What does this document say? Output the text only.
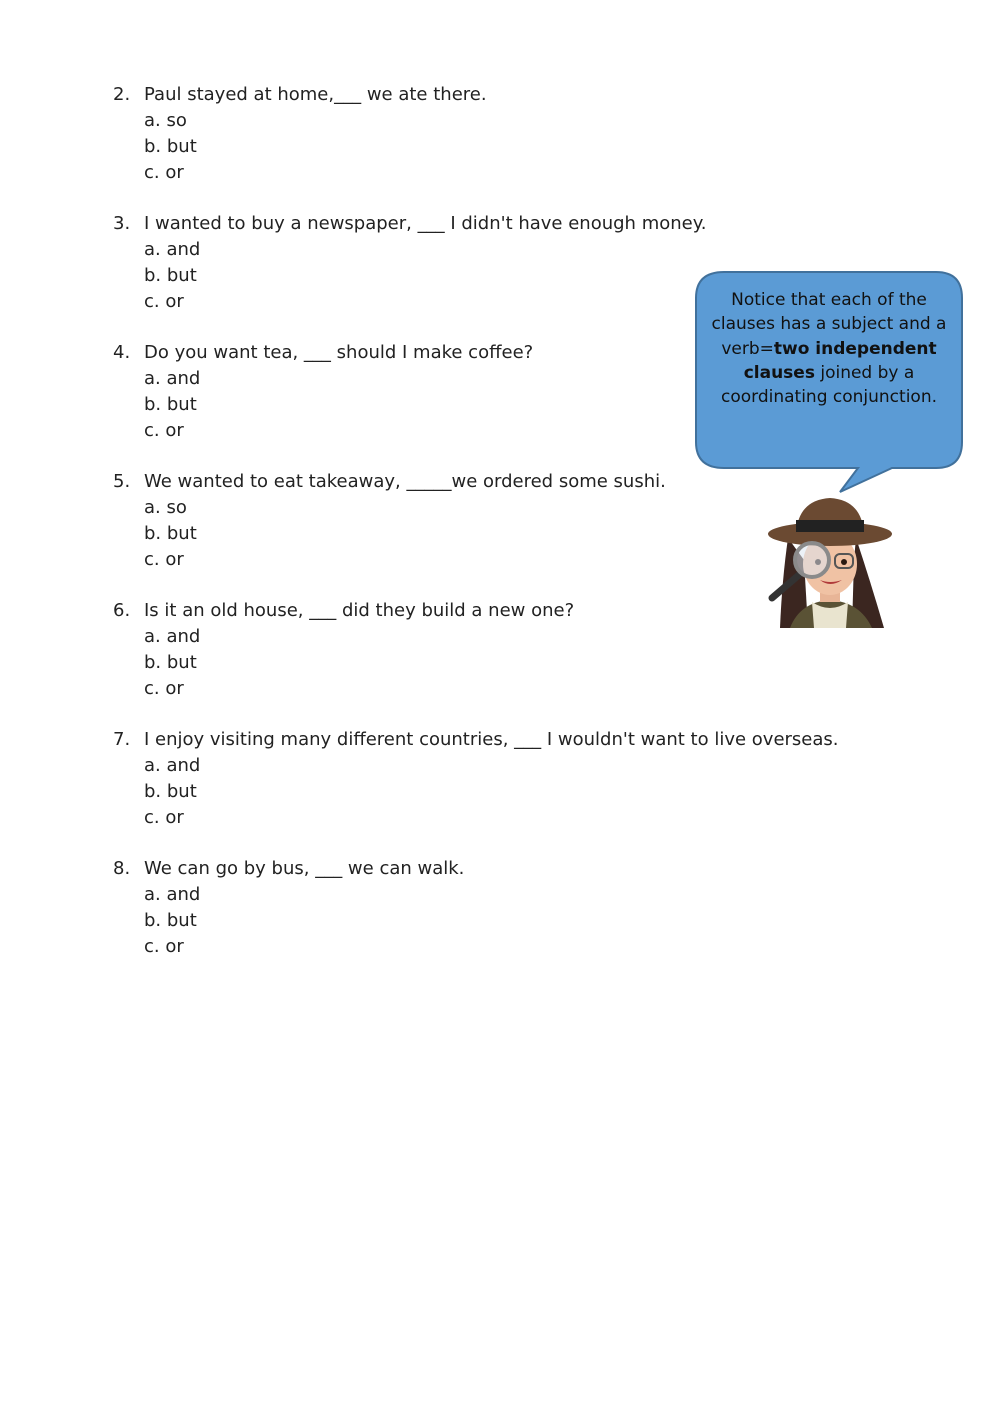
2. Paul stayed at home,___ we ate there.
a. so
b. but
c. or
3. I wanted to buy a newspaper, ___ I didn't have enough money.
a. and
b. but
c. or
4. Do you want tea, ___ should I make coffee?
a. and
b. but
c. or
5. We wanted to eat takeaway, _____we ordered some sushi.
a. so
b. but
c. or
6. Is it an old house, ___ did they build a new one?
a. and
b. but
c. or
7. I enjoy visiting many different countries, ___ I wouldn't want to live overseas.
a. and
b. but
c. or
8. We can go by bus, ___ we can walk.
a. and
b. but
c. or
Notice that each of the clauses has a subject and a verb=two independent clauses joined by a coordinating conjunction.
